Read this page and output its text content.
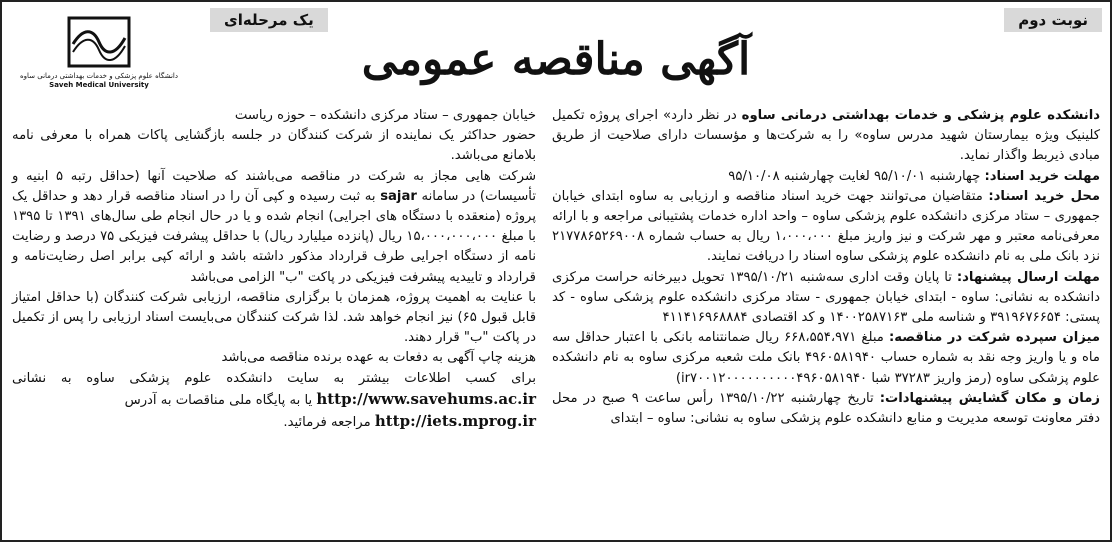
نوبت دوم
یک مرحله‌ای
آگهی مناقصه عمومی
دانشگاه علوم پزشکی و خدمات بهداشتی درمانی ساوه
Saveh Medical University

دانشکده علوم پزشکی و خدمات بهداشتی درمانی ساوه در نظر دارد» اجرای پروژه تکمیل کلینیک ویژه بیمارستان شهید مدرس ساوه» را به شرکت‌ها و مؤسسات دارای صلاحیت از طریق مبادی ذیربط واگذار نماید.

مهلت خرید اسناد: چهارشنبه ۹۵/۱۰/۰۱ لغایت چهارشنبه ۹۵/۱۰/۰۸

محل خرید اسناد: متقاضیان می‌توانند جهت خرید اسناد مناقصه و ارزیابی به ساوه ابتدای خیابان جمهوری – ستاد مرکزی دانشکده علوم پزشکی ساوه – واحد اداره خدمات پشتیبانی مراجعه و با ارائه معرفی‌نامه معتبر و مهر شرکت و نیز واریز مبلغ ۱،۰۰۰،۰۰۰ ریال به حساب شماره ۲۱۷۷۸۶۵۲۶۹۰۰۸ نزد بانک ملی به نام دانشکده علوم پزشکی ساوه اسناد را دریافت نمایند.

مهلت ارسال پیشنهاد: تا پایان وقت اداری سه‌شنبه ۱۳۹۵/۱۰/۲۱ تحویل دبیرخانه حراست مرکزی دانشکده به نشانی: ساوه - ابتدای خیابان جمهوری - ستاد مرکزی دانشکده علوم پزشکی ساوه - کد پستی: ۳۹۱۹۶۷۶۶۵۴ و شناسه ملی ۱۴۰۰۲۵۸۷۱۶۳ و کد اقتصادی ۴۱۱۴۱۶۹۶۸۸۸۴

میزان سپرده شرکت در مناقصه: مبلغ ۶۶۸،۵۵۴،۹۷۱ ریال ضمانتنامه بانکی با اعتبار حداقل سه ماه و یا واریز وجه نقد به شماره حساب ۴۹۶۰۵۸۱۹۴۰ بانک ملت شعبه مرکزی ساوه به نام دانشکده علوم پزشکی ساوه (رمز واریز ۳۷۲۸۳ شبا ir۷۰۰۱۲۰۰۰۰۰۰۰۰۰۰۴۹۶۰۵۸۱۹۴۰)

زمان و مکان گشایش پیشنهادات: تاریخ چهارشنبه ۱۳۹۵/۱۰/۲۲ رأس ساعت ۹ صبح در محل دفتر معاونت توسعه مدیریت و منابع دانشکده علوم پزشکی ساوه به نشانی: ساوه – ابتدای

خیابان جمهوری – ستاد مرکزی دانشکده – حوزه ریاست

حضور حداکثر یک نماینده از شرکت کنندگان در جلسه بازگشایی پاکات همراه با معرفی نامه بلامانع می‌باشد.

شرکت هایی مجاز به شرکت در مناقصه می‌باشند که صلاحیت آنها (حداقل رتبه ۵ ابنیه و تأسیسات) در سامانه sajar به ثبت رسیده و کپی آن را در اسناد مناقصه قرار دهد و حداقل یک پروژه (منعقده با دستگاه های اجرایی) انجام شده و یا در حال انجام طی سال‌های ۱۳۹۱ تا ۱۳۹۵ با مبلغ ۱۵،۰۰۰،۰۰۰،۰۰۰ ریال (پانزده میلیارد ریال) با حداقل پیشرفت فیزیکی ۷۵ درصد و رضایت نامه از دستگاه اجرایی طرف قرارداد مذکور داشته باشد و ارائه کپی برابر اصل رضایت‌نامه و قرارداد و تاییدیه پیشرفت فیزیکی در پاکت "ب" الزامی می‌باشد

با عنایت به اهمیت پروژه، همزمان با برگزاری مناقصه، ارزیابی شرکت کنندگان (با حداقل امتیاز قابل قبول ۶۵) نیز انجام خواهد شد. لذا شرکت کنندگان می‌بایست اسناد ارزیابی را پس از تکمیل در پاکت "ب" قرار دهند.

هزینه چاپ آگهی به دفعات به عهده برنده مناقصه می‌باشد

برای کسب اطلاعات بیشتر به سایت دانشکده علوم پزشکی ساوه به نشانی http://www.savehums.ac.ir یا به پایگاه ملی مناقصات به آدرس

http://iets.mprog.ir مراجعه فرمائید.
